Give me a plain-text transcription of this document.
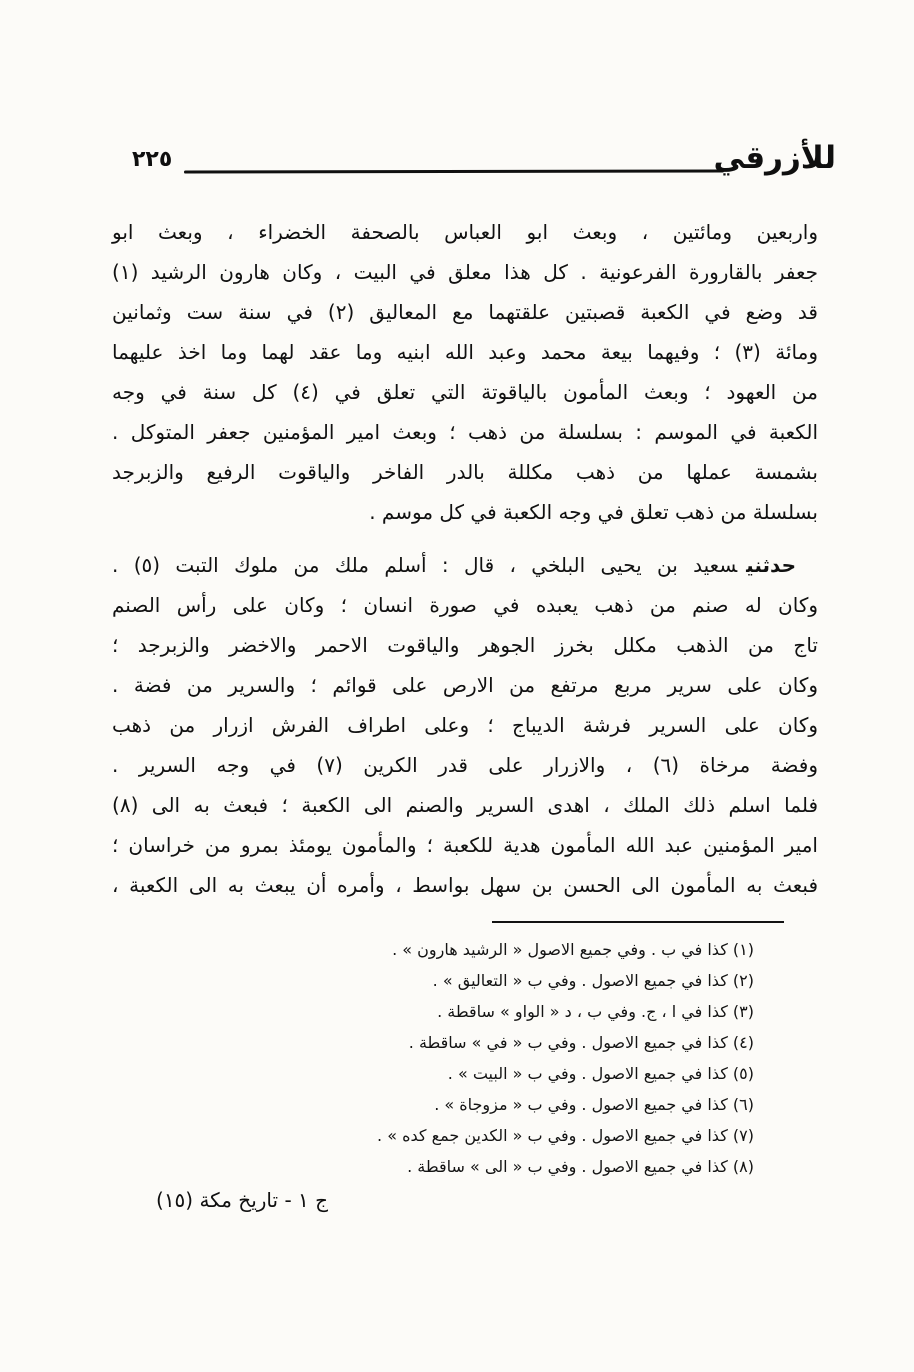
٢٢٥	للأزرقي
واربعين ومائتين ، وبعث ابو العباس بالصحفة الخضراء ، وبعث ابو
جعفر بالقارورة الفرعونية . كل هذا معلق في البيت ، وكان هارون الرشيد (١)
قد وضع في الكعبة قصبتين علقتهما مع المعاليق (٢) في سنة ست وثمانين
ومائة (٣) ؛ وفيهما بيعة محمد وعبد الله ابنيه وما عقد لهما وما اخذ عليهما
من العهود ؛ وبعث المأمون بالياقوتة التي تعلق في (٤) كل سنة في وجه
الكعبة في الموسم : بسلسلة من ذهب ؛ وبعث امير المؤمنين جعفر المتوكل .
بشمسة عملها من ذهب مكللة بالدر الفاخر والياقوت الرفيع والزبرجد
بسلسلة من ذهب تعلق في وجه الكعبة في كل موسم .
حدثنيسعيد بن يحيى البلخي ، قال : أسلم ملك من ملوك التبت (٥) .
وكان له صنم من ذهب يعبده في صورة انسان ؛ وكان على رأس الصنم
تاج من الذهب مكلل بخرز الجوهر والياقوت الاحمر والاخضر والزبرجد ؛
وكان على سرير مربع مرتفع من الارص على قوائم ؛ والسرير من فضة .
وكان على السرير فرشة الديباج ؛ وعلى اطراف الفرش ازرار من ذهب
وفضة مرخاة (٦) ، والازرار على قدر الكرين (٧) في وجه السرير .
فلما اسلم ذلك الملك ، اهدى السرير والصنم الى الكعبة ؛ فبعث به الى (٨)
امير المؤمنين عبد الله المأمون هدية للكعبة ؛ والمأمون يومئذ بمرو من خراسان ؛
فبعث به المأمون الى الحسن بن سهل بواسط ، وأمره أن يبعث به الى الكعبة ،
(١) كذا في ب . وفي جميع الاصول « الرشيد هارون » .
(٢) كذا في جميع الاصول . وفي ب « التعاليق » .
(٣) كذا في ا ، ج. وفي ب ، د « الواو » ساقطة .
(٤) كذا في جميع الاصول . وفي ب « في » ساقطة .
(٥) كذا في جميع الاصول . وفي ب « البيت » .
(٦) كذا في جميع الاصول . وفي ب « مزوجاة » .
(٧) كذا في جميع الاصول . وفي ب « الكدين جمع كده » .
(٨) كذا في جميع الاصول . وفي ب « الى » ساقطة .
ج ١ - تاريخ مكة (١٥)
